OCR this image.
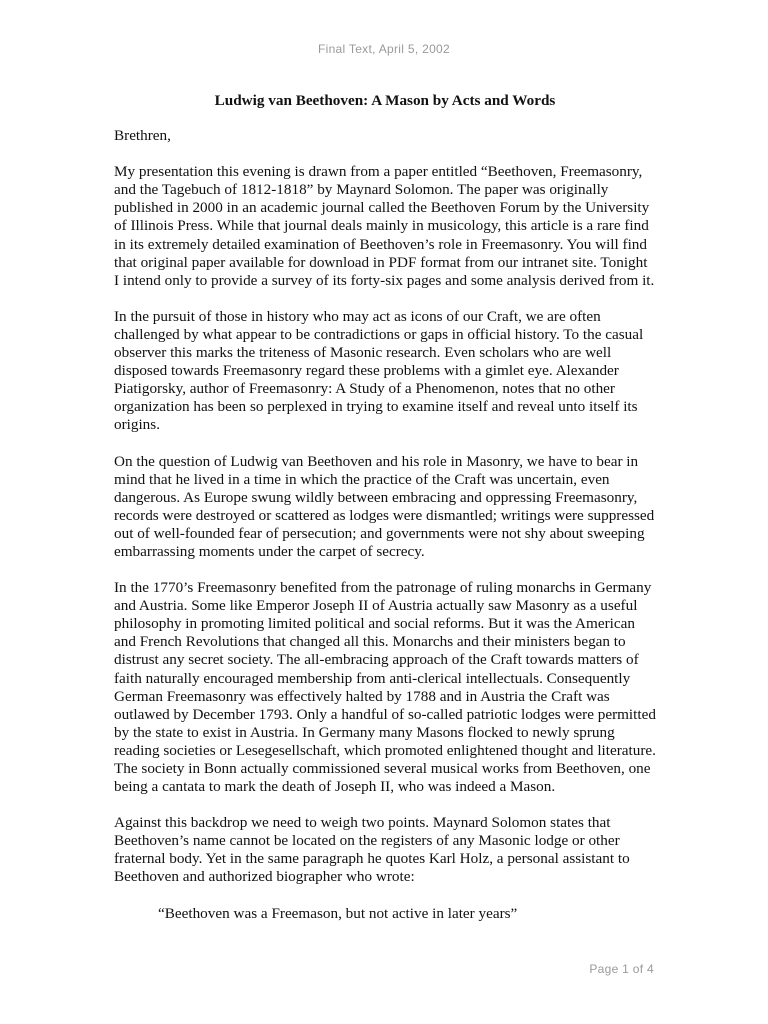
Final Text, April 5, 2002
Ludwig van Beethoven: A Mason by Acts and Words
Brethren,
My presentation this evening is drawn from a paper entitled “Beethoven, Freemasonry,
and the Tagebuch of 1812-1818” by Maynard Solomon. The paper was originally
published in 2000 in an academic journal called the Beethoven Forum by the University
of Illinois Press. While that journal deals mainly in musicology, this article is a rare find
in its extremely detailed examination of Beethoven’s role in Freemasonry. You will find
that original paper available for download in PDF format from our intranet site. Tonight
I intend only to provide a survey of its forty-six pages and some analysis derived from it.
In the pursuit of those in history who may act as icons of our Craft, we are often
challenged by what appear to be contradictions or gaps in official history. To the casual
observer this marks the triteness of Masonic research. Even scholars who are well
disposed towards Freemasonry regard these problems with a gimlet eye. Alexander
Piatigorsky, author of Freemasonry: A Study of a Phenomenon, notes that no other
organization has been so perplexed in trying to examine itself and reveal unto itself its
origins.
On the question of Ludwig van Beethoven and his role in Masonry, we have to bear in
mind that he lived in a time in which the practice of the Craft was uncertain, even
dangerous. As Europe swung wildly between embracing and oppressing Freemasonry,
records were destroyed or scattered as lodges were dismantled; writings were suppressed
out of well-founded fear of persecution; and governments were not shy about sweeping
embarrassing moments under the carpet of secrecy.
In the 1770’s Freemasonry benefited from the patronage of ruling monarchs in Germany
and Austria. Some like Emperor Joseph II of Austria actually saw Masonry as a useful
philosophy in promoting limited political and social reforms. But it was the American
and French Revolutions that changed all this. Monarchs and their ministers began to
distrust any secret society. The all-embracing approach of the Craft towards matters of
faith naturally encouraged membership from anti-clerical intellectuals. Consequently
German Freemasonry was effectively halted by 1788 and in Austria the Craft was
outlawed by December 1793. Only a handful of so-called patriotic lodges were permitted
by the state to exist in Austria. In Germany many Masons flocked to newly sprung
reading societies or Lesegesellschaft, which promoted enlightened thought and literature.
The society in Bonn actually commissioned several musical works from Beethoven, one
being a cantata to mark the death of Joseph II, who was indeed a Mason.
Against this backdrop we need to weigh two points. Maynard Solomon states that
Beethoven’s name cannot be located on the registers of any Masonic lodge or other
fraternal body. Yet in the same paragraph he quotes Karl Holz, a personal assistant to
Beethoven and authorized biographer who wrote:
“Beethoven was a Freemason, but not active in later years”
Page 1 of 4
